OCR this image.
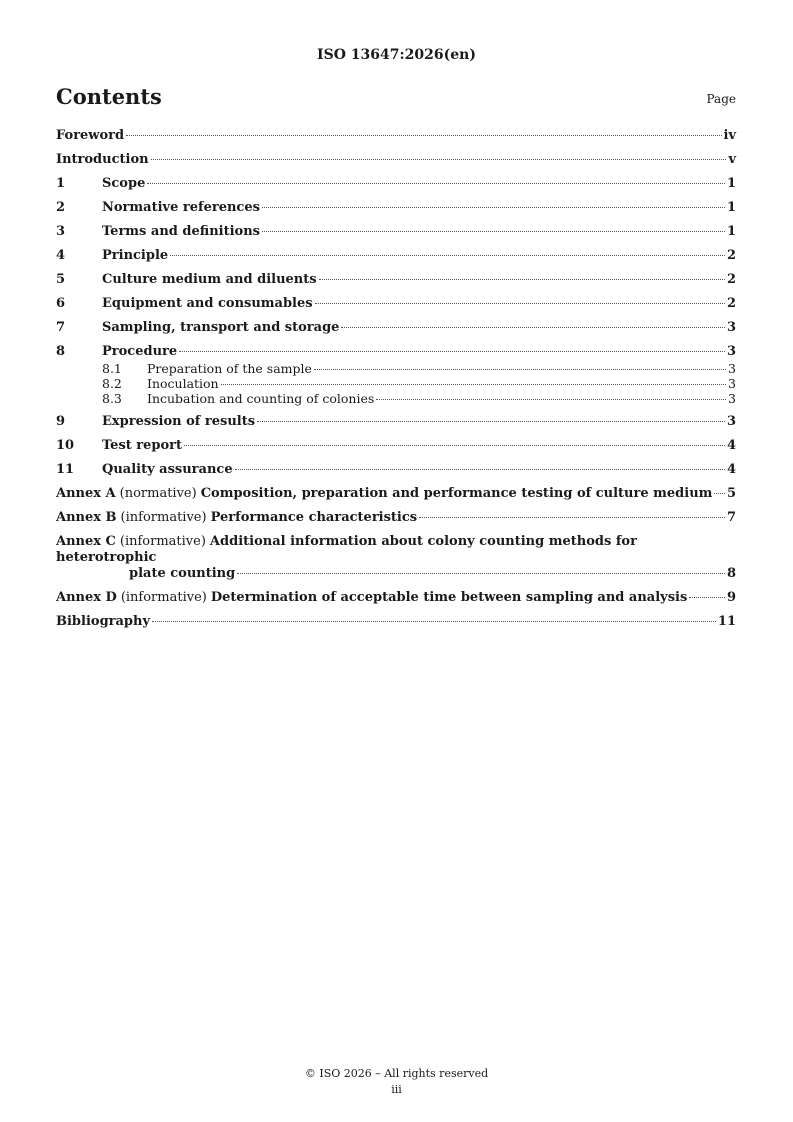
ISO 13647:2026(en)
Contents	Page
Foreword	iv
Introduction	v
1	Scope	1
2	Normative references	1
3	Terms and definitions	1
4	Principle	2
5	Culture medium and diluents	2
6	Equipment and consumables	2
7	Sampling, transport and storage	3
8	Procedure	3
8.1	Preparation of the sample	3
8.2	Inoculation	3
8.3	Incubation and counting of colonies	3
9	Expression of results	3
10	Test report	4
11	Quality assurance	4
Annex A (normative) Composition, preparation and performance testing of culture medium 5
Annex B (informative) Performance characteristics	7
Annex C (informative) Additional information about colony counting methods for heterotrophic
plate counting	8
Annex D (informative) Determination of acceptable time between sampling and analysis	9
Bibliography	11
© ISO 2026 – All rights reserved
iii
